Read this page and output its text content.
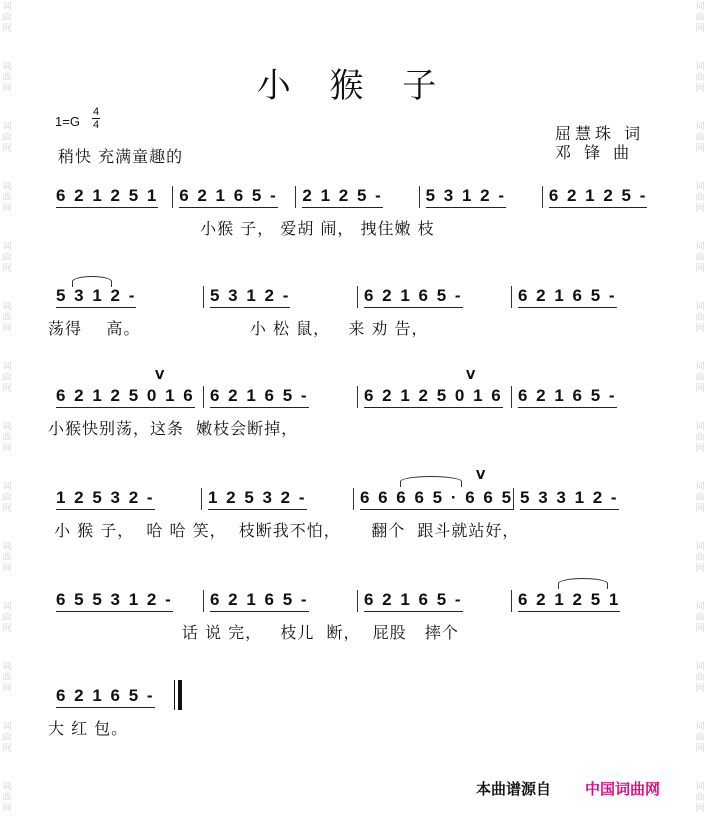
词
曲
网
词
曲
网
词
曲
网
词
曲
网
词
曲
网
词
曲
网
词
曲
网
词
曲
网
词
曲
网
词
曲
网
词
曲
网
词
曲
网
词
曲
网
词
曲
网
词
曲
网
词
曲
网
词
曲
网
词
曲
网
词
曲
网
词
曲
网
词
曲
网
词
曲
网
词
曲
网
词
曲
网
词
曲
网
词
曲
网
词
曲
网
词
曲
网
小 猴 子
1=G
4
4
稍快 充满童趣的
屈慧珠 词
邓 锋 曲
6 2 1 2 5 1 6 2 1 6 5 - 2 1 2 5 -	5 3 1 2 -	6 2 1 2 5 -
小猴 子， 爱胡 闹， 拽住嫩 枝
5 3 1 2 -	5 3 1 2 -	6 2 1 6 5 -	6 2 1 6 5 -
荡得    高。                  小 松 鼠，   来 劝 告，
V	V
6 2 1 2 5 0 1 6 6 2 1 6 5 -	6 2 1 2 5 0 1 6 6 2 1 6 5 -
小猴快别荡，这条  嫩枝会断掉，
V
1 2 5 3 2 -	1 2 5 3 2 -	6 6 6 6 5 · 6 6 5 5 3 3 1 2 -
小 猴 子，  哈 哈 笑，  枝断我不怕，     翻个  跟斗就站好，
6 5 5 3 1 2 - 6 2 1 6 5 -	6 2 1 6 5 -	6 2 1 2 5 1
话 说 完，   枝儿  断，  屁股   摔个
6 2 1 6 5 -
大 红 包。
本曲谱源自 中国词曲网
